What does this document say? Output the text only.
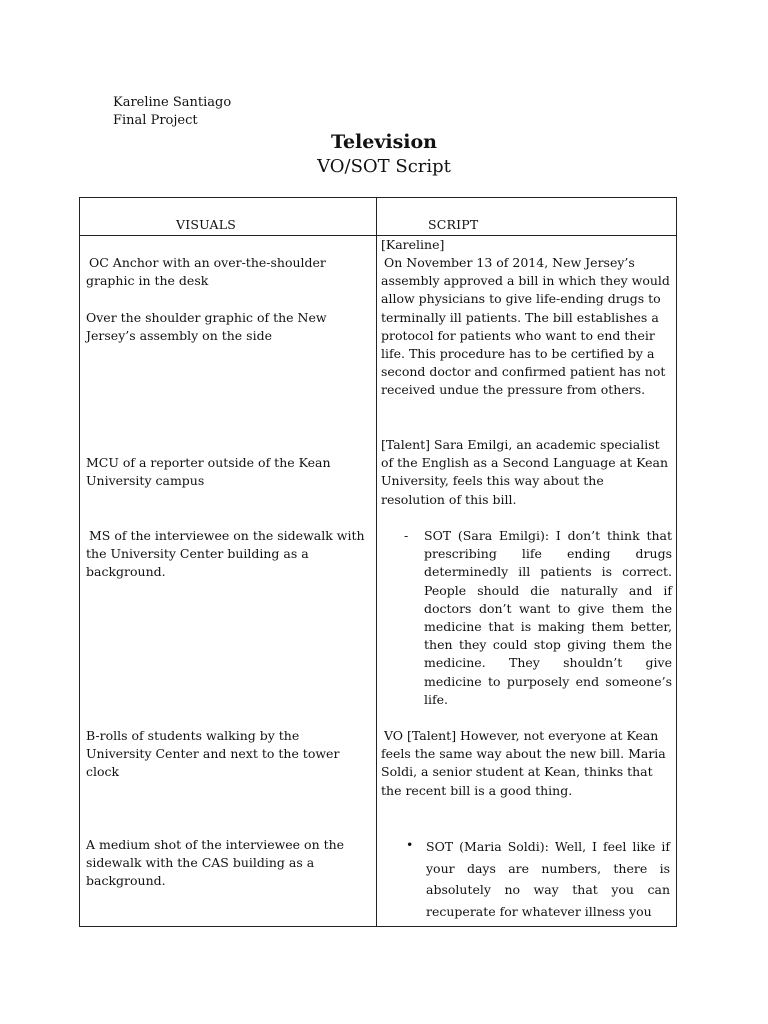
Kareline Santiago
Final Project
Television
VO/SOT Script
VISUALS	SCRIPT
OC Anchor with an over-the-shoulder graphic in the desk
Over the shoulder graphic of the New Jersey’s assembly on the side
MCU of a reporter outside of the Kean University campus
MS of the interviewee on the sidewalk with the University Center building as a background.
B-rolls of students walking by the University Center and next to the tower clock
A medium shot of the interviewee on the sidewalk with the CAS building as a background.
[Kareline]
On November 13 of 2014, New Jersey’s assembly approved a bill in which they would allow physicians to give life-ending drugs to terminally ill patients. The bill establishes a protocol for patients who want to end their life. This procedure has to be certified by a second doctor and confirmed patient has not received undue the pressure from others.
[Talent] Sara Emilgi, an academic specialist of the English as a Second Language at Kean University, feels this way about the resolution of this bill.
- SOT (Sara Emilgi): I don’t think that prescribing life ending drugs determinedly ill patients is correct. People should die naturally and if doctors don’t want to give them the medicine that is making them better, then they could stop giving them the medicine. They shouldn’t give medicine to purposely end someone’s life.
VO [Talent] However, not everyone at Kean feels the same way about the new bill. Maria Soldi, a senior student at Kean, thinks that the recent bill is a good thing.
• SOT (Maria Soldi): Well, I feel like if your days are numbers, there is absolutely no way that you can recuperate for whatever illness you
